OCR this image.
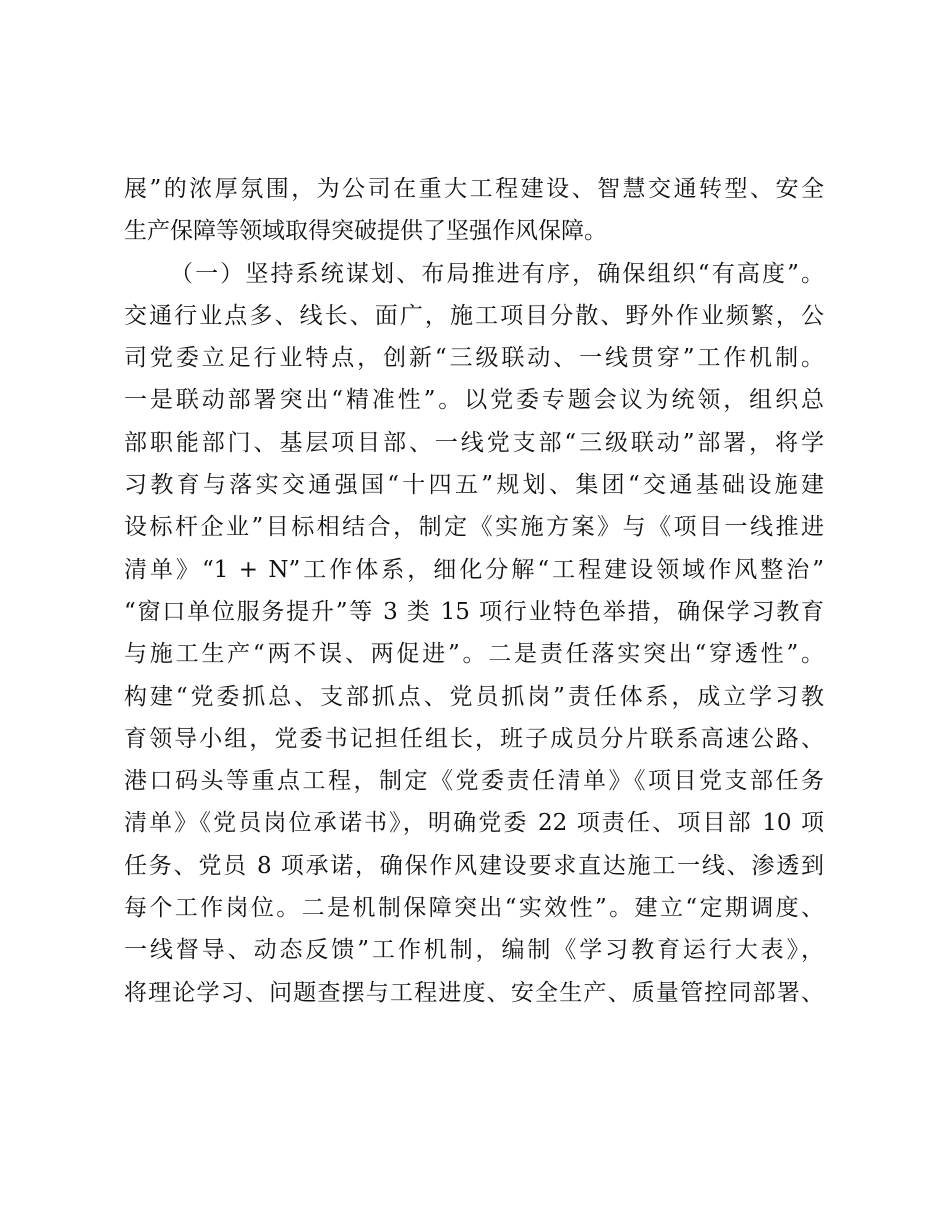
展”的浓厚氛围，为公司在重大工程建设、智慧交通转型、安全
生产保障等领域取得突破提供了坚强作风保障。
（一）坚持系统谋划、布局推进有序，确保组织“有高度”。
交通行业点多、线长、面广，施工项目分散、野外作业频繁，公
司党委立足行业特点，创新“三级联动、一线贯穿”工作机制。
一是联动部署突出“精准性”。以党委专题会议为统领，组织总
部职能部门、基层项目部、一线党支部“三级联动”部署，将学
习教育与落实交通强国“十四五”规划、集团“交通基础设施建
设标杆企业”目标相结合，制定《实施方案》与《项目一线推进
清单》“1 + N”工作体系，细化分解“工程建设领域作风整治”
“窗口单位服务提升”等 3 类 15 项行业特色举措，确保学习教育
与施工生产“两不误、两促进”。二是责任落实突出“穿透性”。
构建“党委抓总、支部抓点、党员抓岗”责任体系，成立学习教
育领导小组，党委书记担任组长，班子成员分片联系高速公路、
港口码头等重点工程，制定《党委责任清单》《项目党支部任务
清单》《党员岗位承诺书》，明确党委 22 项责任、项目部 10 项
任务、党员 8 项承诺，确保作风建设要求直达施工一线、渗透到
每个工作岗位。二是机制保障突出“实效性”。建立“定期调度、
一线督导、动态反馈”工作机制，编制《学习教育运行大表》，
将理论学习、问题查摆与工程进度、安全生产、质量管控同部署、
